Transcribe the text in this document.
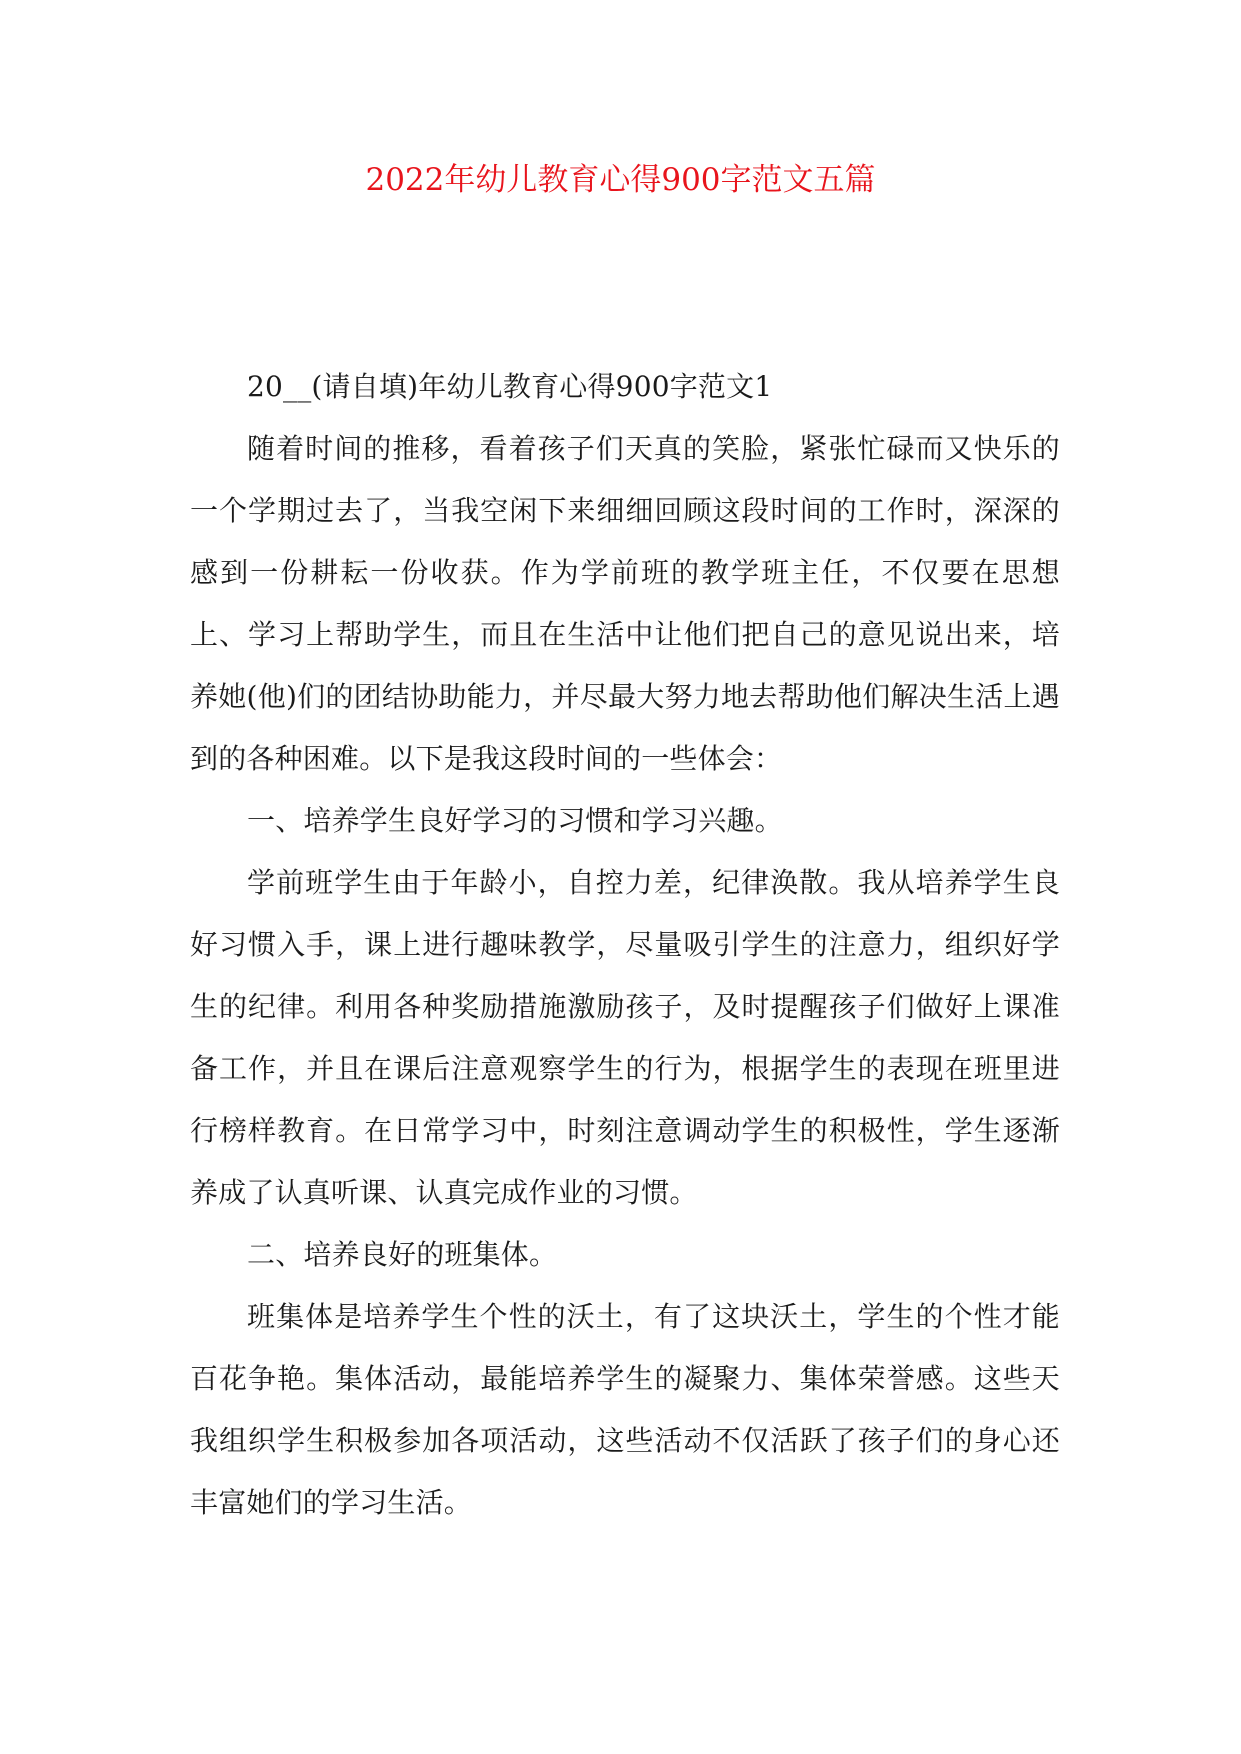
2022年幼儿教育心得900字范文五篇

20__(请自填)年幼儿教育心得900字范文1

随着时间的推移，看着孩子们天真的笑脸，紧张忙碌而又快乐的一个学期过去了，当我空闲下来细细回顾这段时间的工作时，深深的感到一份耕耘一份收获。作为学前班的教学班主任，不仅要在思想上、学习上帮助学生，而且在生活中让他们把自己的意见说出来，培养她(他)们的团结协助能力，并尽最大努力地去帮助他们解决生活上遇到的各种困难。以下是我这段时间的一些体会：

一、培养学生良好学习的习惯和学习兴趣。

学前班学生由于年龄小，自控力差，纪律涣散。我从培养学生良好习惯入手，课上进行趣味教学，尽量吸引学生的注意力，组织好学生的纪律。利用各种奖励措施激励孩子，及时提醒孩子们做好上课准备工作，并且在课后注意观察学生的行为，根据学生的表现在班里进行榜样教育。在日常学习中，时刻注意调动学生的积极性，学生逐渐养成了认真听课、认真完成作业的习惯。

二、培养良好的班集体。

班集体是培养学生个性的沃土，有了这块沃土，学生的个性才能百花争艳。集体活动，最能培养学生的凝聚力、集体荣誉感。这些天我组织学生积极参加各项活动，这些活动不仅活跃了孩子们的身心还丰富她们的学习生活。
